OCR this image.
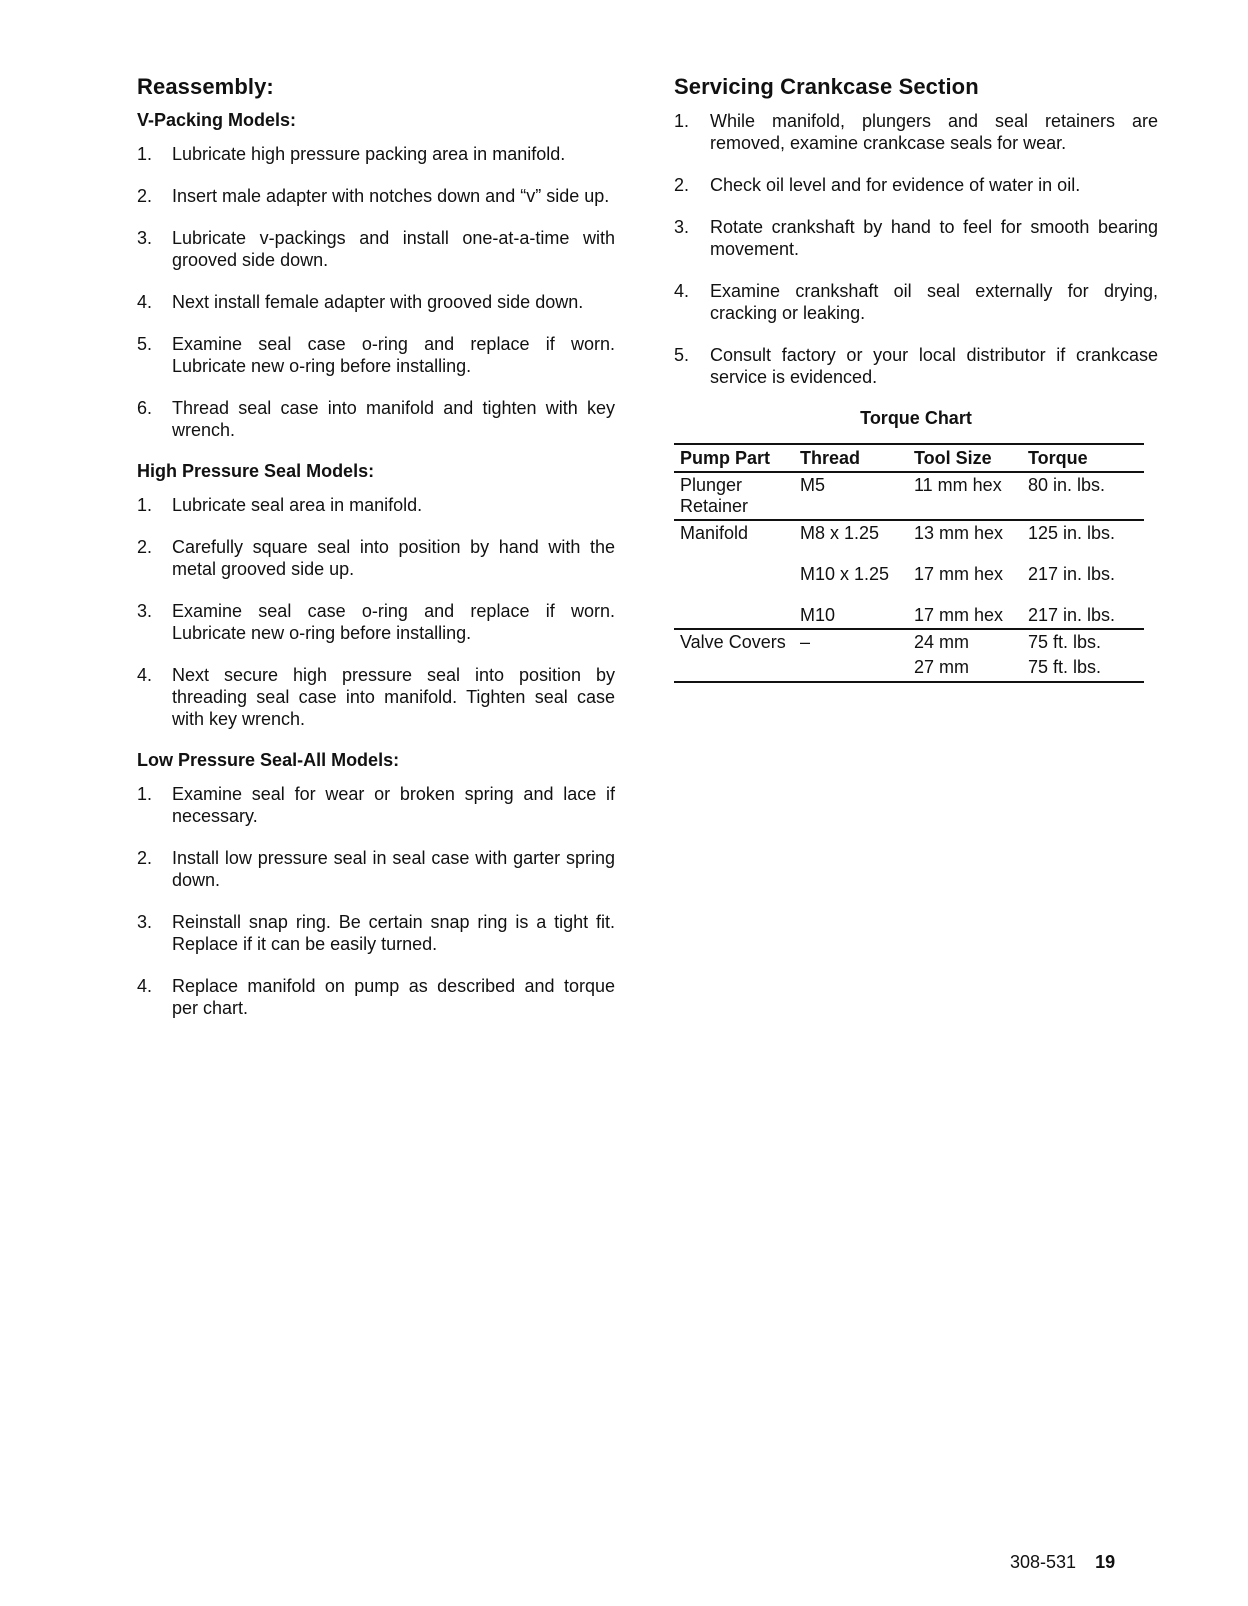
Reassembly:
V-Packing Models:
1.	Lubricate high pressure packing area in manifold.
2.	Insert male adapter with notches down and “v” side up.
3.	Lubricate v-packings and install one-at-a-time with grooved side down.
4.	Next install female adapter with grooved side down.
5.	Examine seal case o-ring and replace if worn. Lubricate new o-ring before installing.
6.	Thread seal case into manifold and tighten with key wrench.
High Pressure Seal Models:
1.	Lubricate seal area in manifold.
2.	Carefully square seal into position by hand with the metal grooved side up.
3.	Examine seal case o-ring and replace if worn. Lubricate new o-ring before installing.
4.	Next secure high pressure seal into position by threading seal case into manifold. Tighten seal case with key wrench.
Low Pressure Seal-All Models:
1.	Examine seal for wear or broken spring and lace if necessary.
2.	Install low pressure seal in seal case with garter spring down.
3.	Reinstall snap ring. Be certain snap ring is a tight fit. Replace if it can be easily turned.
4.	Replace manifold on pump as described and torque per chart.
Servicing Crankcase Section
1.	While manifold, plungers and seal retainers are removed, examine crankcase seals for wear.
2.	Check oil level and for evidence of water in oil.
3.	Rotate crankshaft by hand to feel for smooth bearing movement.
4.	Examine crankshaft oil seal externally for drying, cracking or leaking.
5.	Consult factory or your local distributor if crankcase service is evidenced.
Torque Chart
Pump Part	Thread	Tool Size	Torque
Plunger Retainer	M5	11 mm hex	80 in. lbs.
Manifold	M8 x 1.25	13 mm hex	125 in. lbs.
	M10 x 1.25	17 mm hex	217 in. lbs.
	M10	17 mm hex	217 in. lbs.
Valve Covers	–	24 mm	75 ft. lbs.
		27 mm	75 ft. lbs.
308-531 19
